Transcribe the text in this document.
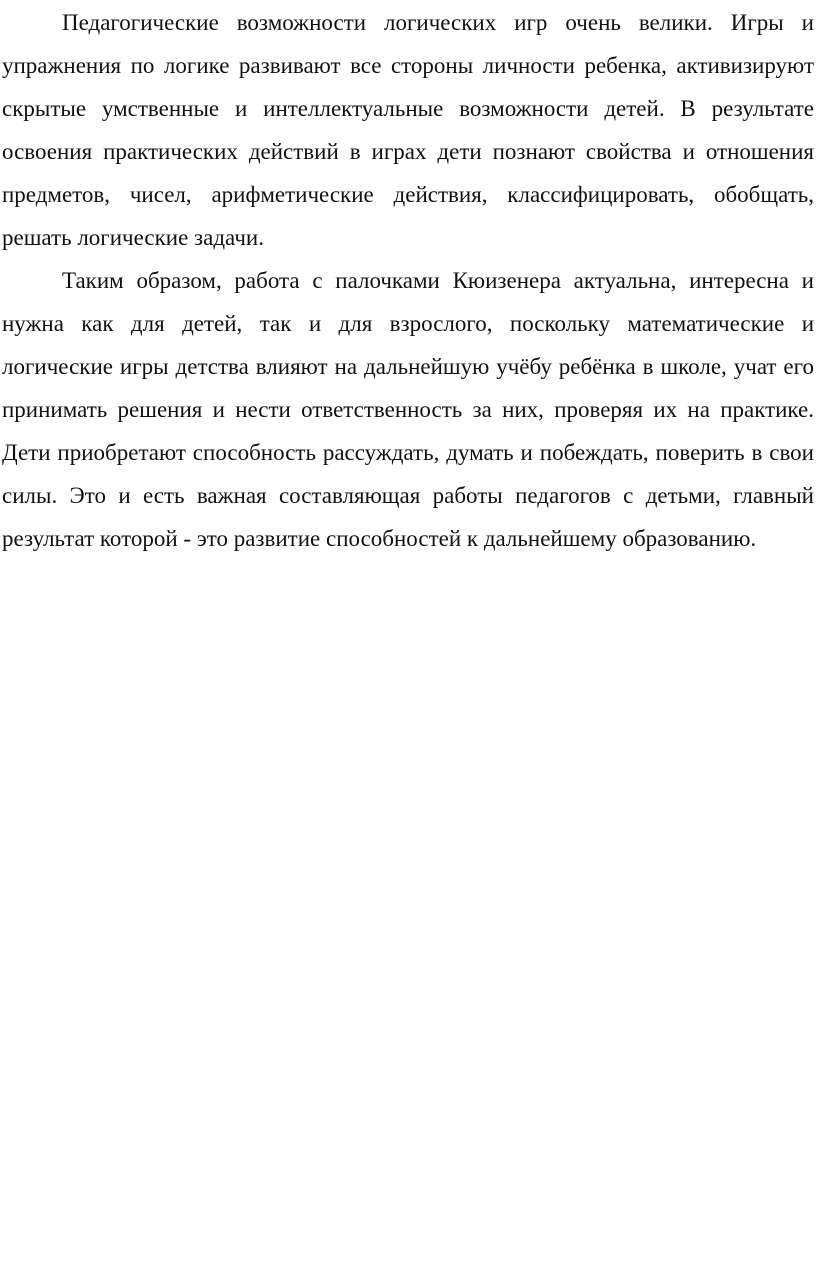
Педагогические возможности логических игр очень велики. Игры и упражнения по логике развивают все стороны личности ребенка, активизируют скрытые умственные и интеллектуальные возможности детей. В результате освоения практических действий в играх дети познают свойства и отношения предметов, чисел, арифметические действия, классифицировать, обобщать, решать логические задачи.

Таким образом, работа с палочками Кюизенера актуальна, интересна и нужна как для детей, так и для взрослого, поскольку математические и логические игры детства влияют на дальнейшую учёбу ребёнка в школе, учат его принимать решения и нести ответственность за них, проверяя их на практике. Дети приобретают способность рассуждать, думать и побеждать, поверить в свои силы. Это и есть важная составляющая работы педагогов с детьми, главный результат которой - это развитие способностей к дальнейшему образованию.
